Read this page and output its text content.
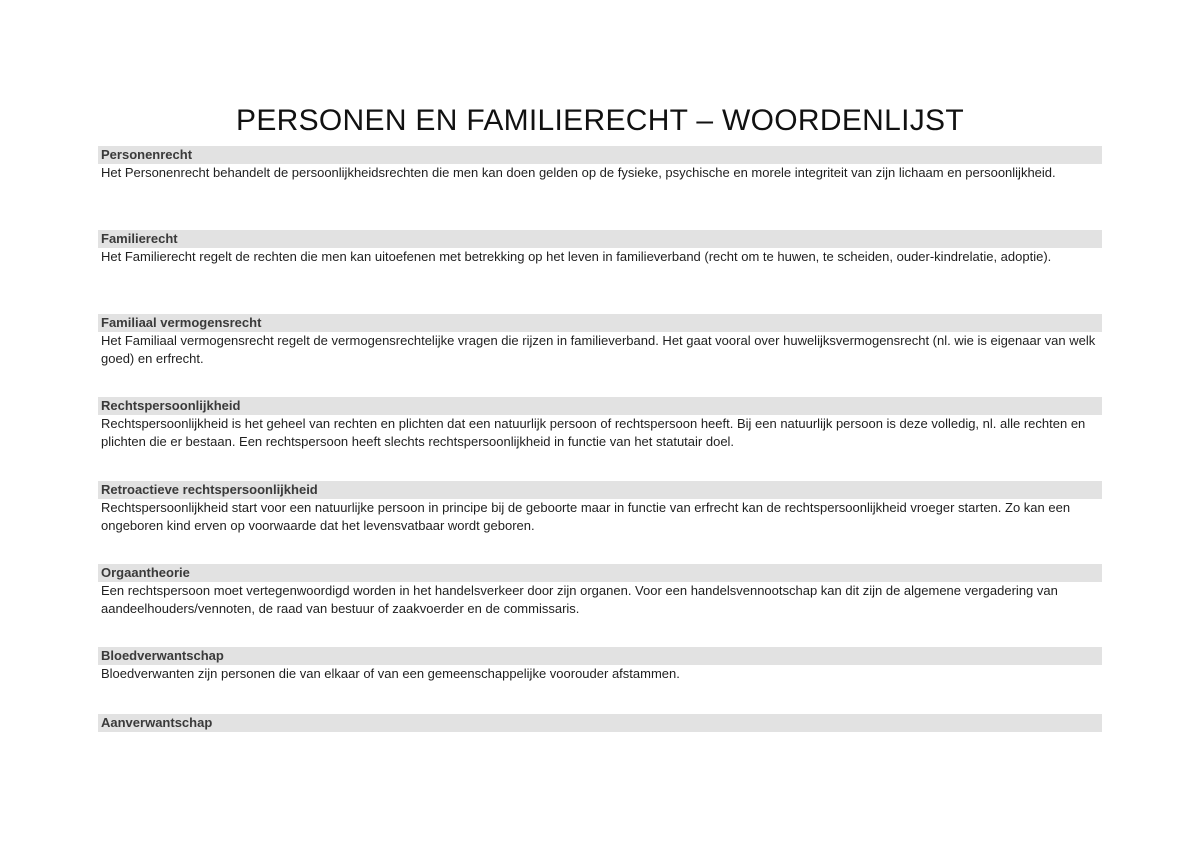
PERSONEN EN FAMILIERECHT – WOORDENLIJST
Personenrecht
Het Personenrecht behandelt de persoonlijkheidsrechten die men kan doen gelden op de fysieke, psychische en morele integriteit van zijn lichaam en persoonlijkheid.
Familierecht
Het Familierecht regelt de rechten die men kan uitoefenen met betrekking op het leven in familieverband (recht om te huwen, te scheiden, ouder-kindrelatie, adoptie).
Familiaal vermogensrecht
Het Familiaal vermogensrecht regelt de vermogensrechtelijke vragen die rijzen in familieverband. Het gaat vooral over huwelijksvermogensrecht (nl. wie is eigenaar van welk goed) en erfrecht.
Rechtspersoonlijkheid
Rechtspersoonlijkheid is het geheel van rechten en plichten dat een natuurlijk persoon of rechtspersoon heeft. Bij een natuurlijk persoon is deze volledig, nl. alle rechten en plichten die er bestaan. Een rechtspersoon heeft slechts rechtspersoonlijkheid in functie van het statutair doel.
Retroactieve rechtspersoonlijkheid
Rechtspersoonlijkheid start voor een natuurlijke persoon in principe bij de geboorte maar in functie van erfrecht kan de rechtspersoonlijkheid vroeger starten. Zo kan een ongeboren kind erven op voorwaarde dat het levensvatbaar wordt geboren.
Orgaantheorie
Een rechtspersoon moet vertegenwoordigd worden in het handelsverkeer door zijn organen. Voor een handelsvennootschap kan dit zijn de algemene vergadering van aandeelhouders/vennoten, de raad van bestuur of zaakvoerder en de commissaris.
Bloedverwantschap
Bloedverwanten zijn personen die van elkaar of van een gemeenschappelijke voorouder afstammen.
Aanverwantschap
